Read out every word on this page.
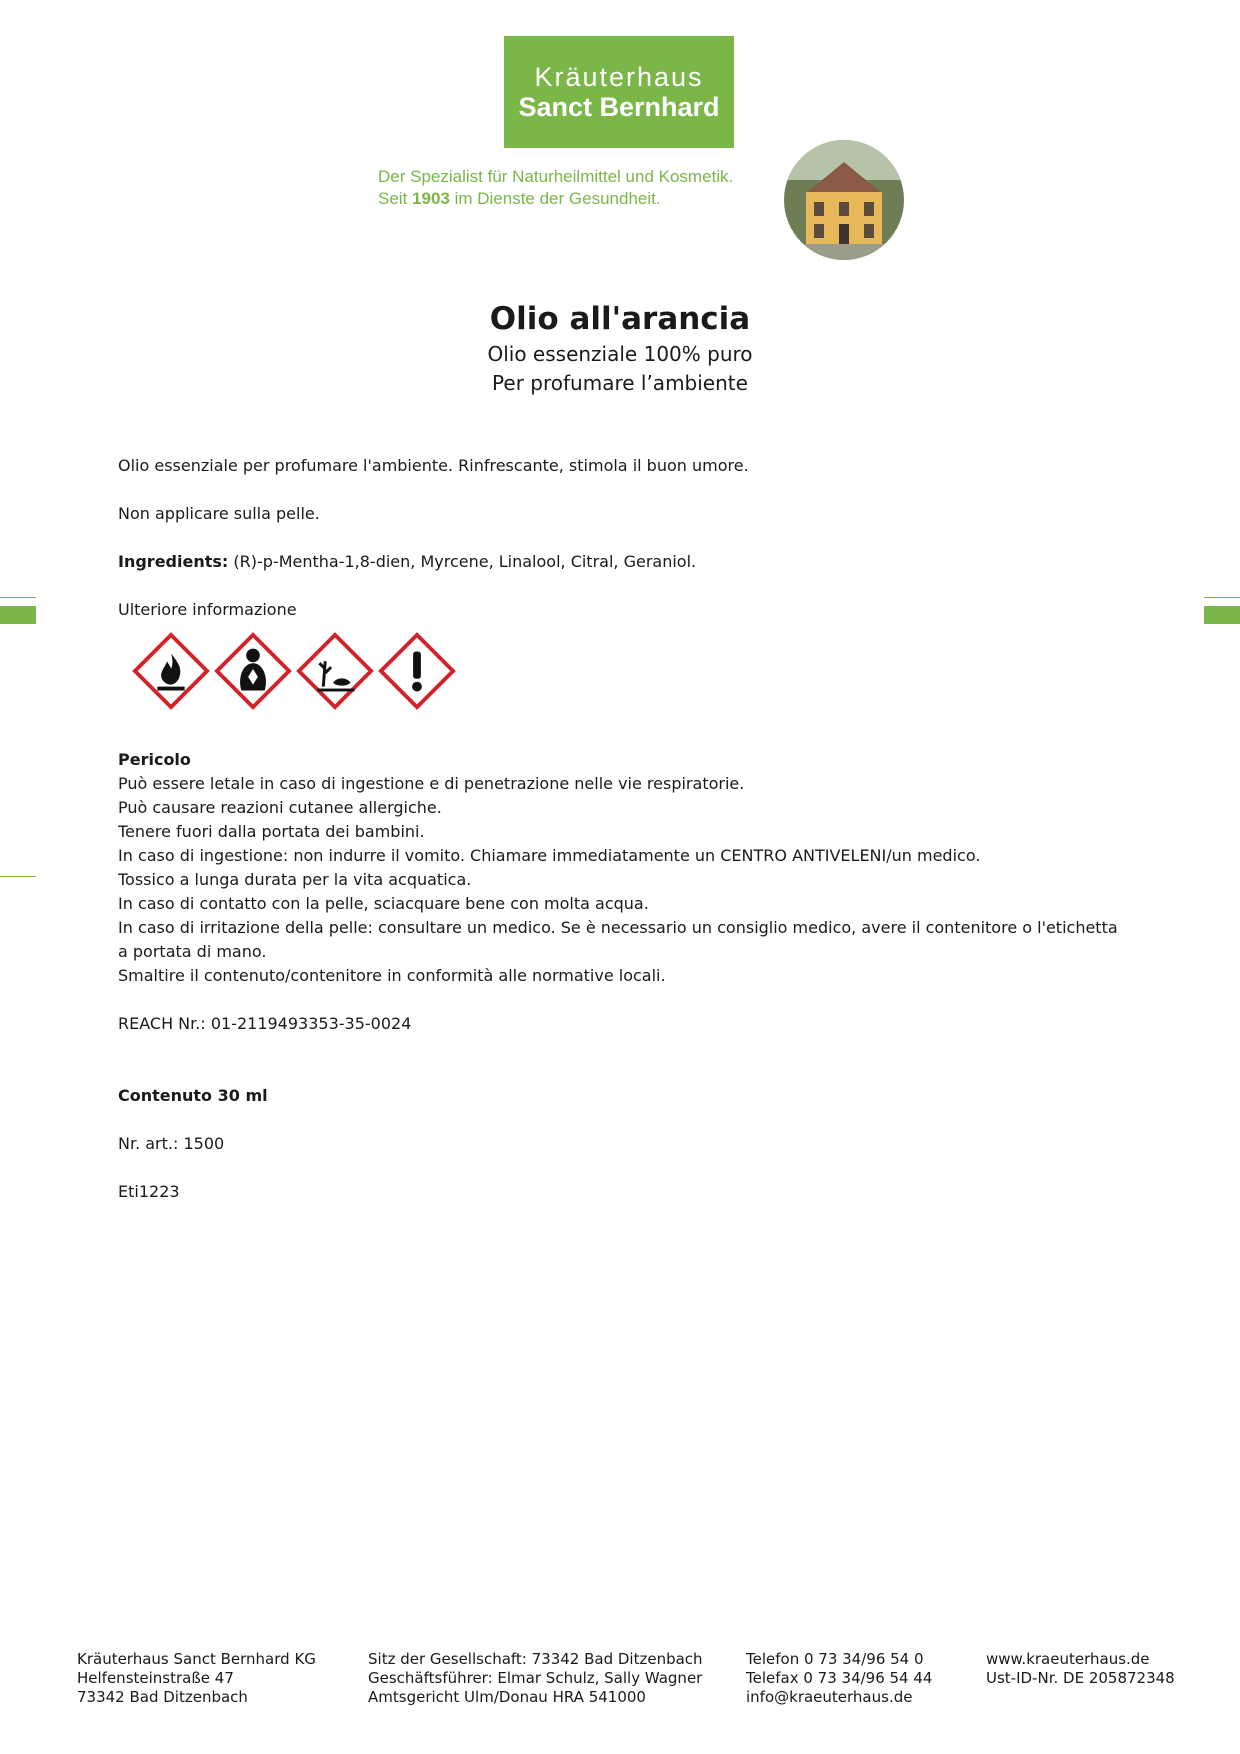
Kräuterhaus
Sanct Bernhard
Der Spezialist für Naturheilmittel und Kosmetik.
Seit 1903 im Dienste der Gesundheit.
Olio all'arancia
Olio essenziale 100% puro
Per profumare l’ambiente

Olio essenziale per profumare l'ambiente. Rinfrescante, stimola il buon umore.

Non applicare sulla pelle.

Ingredients: (R)-p-Mentha-1,8-dien, Myrcene, Linalool, Citral, Geraniol.

Ulteriore informazione

Pericolo
Può essere letale in caso di ingestione e di penetrazione nelle vie respiratorie.
Può causare reazioni cutanee allergiche.
Tenere fuori dalla portata dei bambini.
In caso di ingestione: non indurre il vomito. Chiamare immediatamente un CENTRO ANTIVELENI/un medico.
Tossico a lunga durata per la vita acquatica.
In caso di contatto con la pelle, sciacquare bene con molta acqua.
In caso di irritazione della pelle: consultare un medico. Se è necessario un consiglio medico, avere il contenitore o l'etichetta
a portata di mano.
Smaltire il contenuto/contenitore in conformità alle normative locali.

REACH Nr.: 01-2119493353-35-0024

Contenuto 30 ml

Nr. art.: 1500

Eti1223

Kräuterhaus Sanct Bernhard KG
Helfensteinstraße 47
73342 Bad Ditzenbach
Sitz der Gesellschaft: 73342 Bad Ditzenbach
Geschäftsführer: Elmar Schulz, Sally Wagner
Amtsgericht Ulm/Donau HRA 541000
Telefon 0 73 34/96 54 0
Telefax 0 73 34/96 54 44
info@kraeuterhaus.de
www.kraeuterhaus.de
Ust-ID-Nr. DE 205872348
